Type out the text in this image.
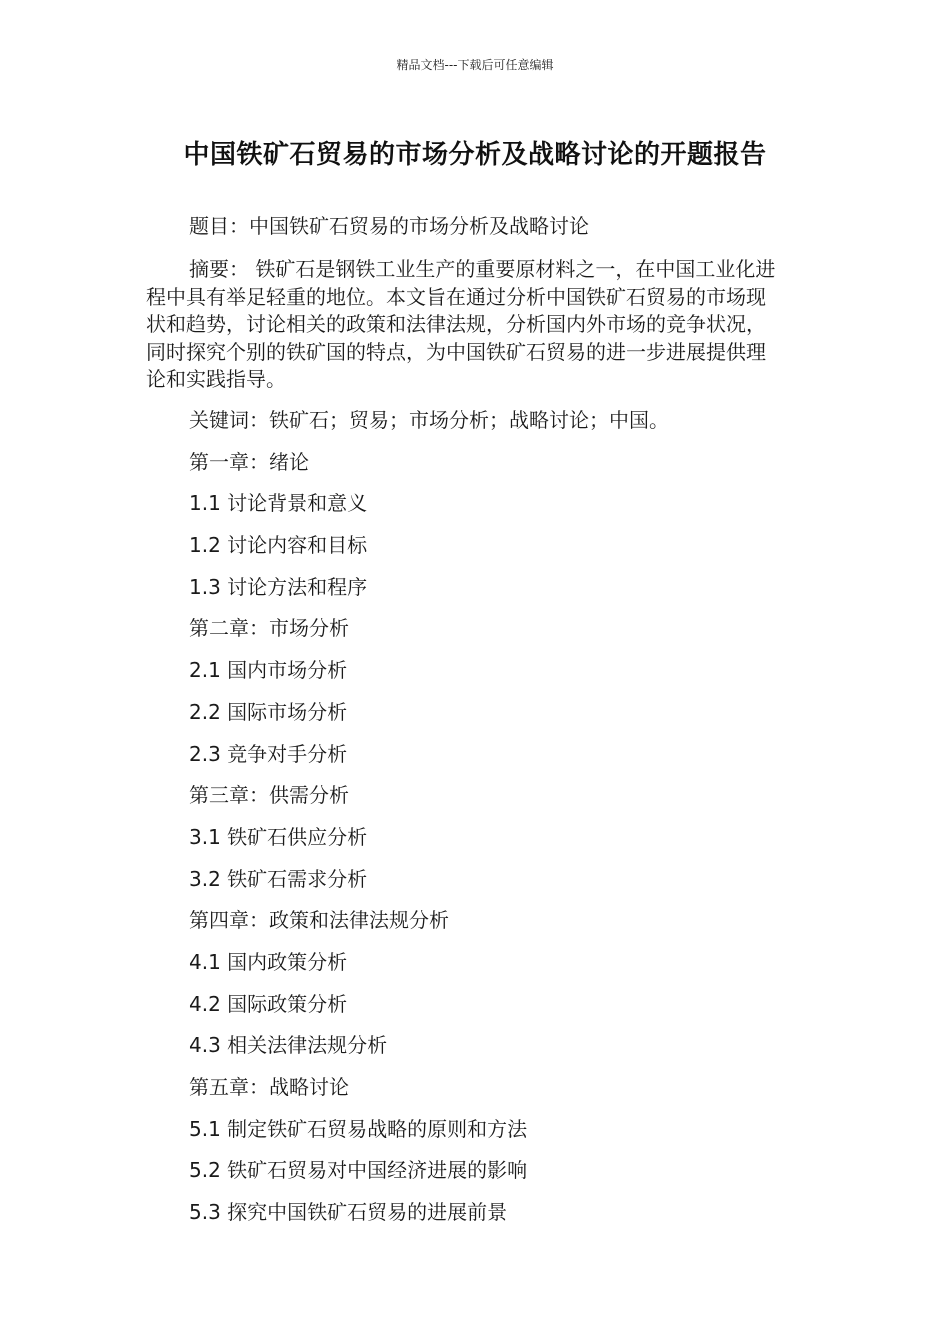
精品文档---下载后可任意编辑
中国铁矿石贸易的市场分析及战略讨论的开题报告
题目：中国铁矿石贸易的市场分析及战略讨论
摘要： 铁矿石是钢铁工业生产的重要原材料之一，在中国工业化进
程中具有举足轻重的地位。本文旨在通过分析中国铁矿石贸易的市场现
状和趋势，讨论相关的政策和法律法规，分析国内外市场的竞争状况，
同时探究个别的铁矿国的特点，为中国铁矿石贸易的进一步进展提供理
论和实践指导。
关键词：铁矿石；贸易；市场分析；战略讨论；中国。
第一章：绪论
1.1 讨论背景和意义
1.2 讨论内容和目标
1.3 讨论方法和程序
第二章：市场分析
2.1 国内市场分析
2.2 国际市场分析
2.3 竞争对手分析
第三章：供需分析
3.1 铁矿石供应分析
3.2 铁矿石需求分析
第四章：政策和法律法规分析
4.1 国内政策分析
4.2 国际政策分析
4.3 相关法律法规分析
第五章：战略讨论
5.1 制定铁矿石贸易战略的原则和方法
5.2 铁矿石贸易对中国经济进展的影响
5.3 探究中国铁矿石贸易的进展前景
